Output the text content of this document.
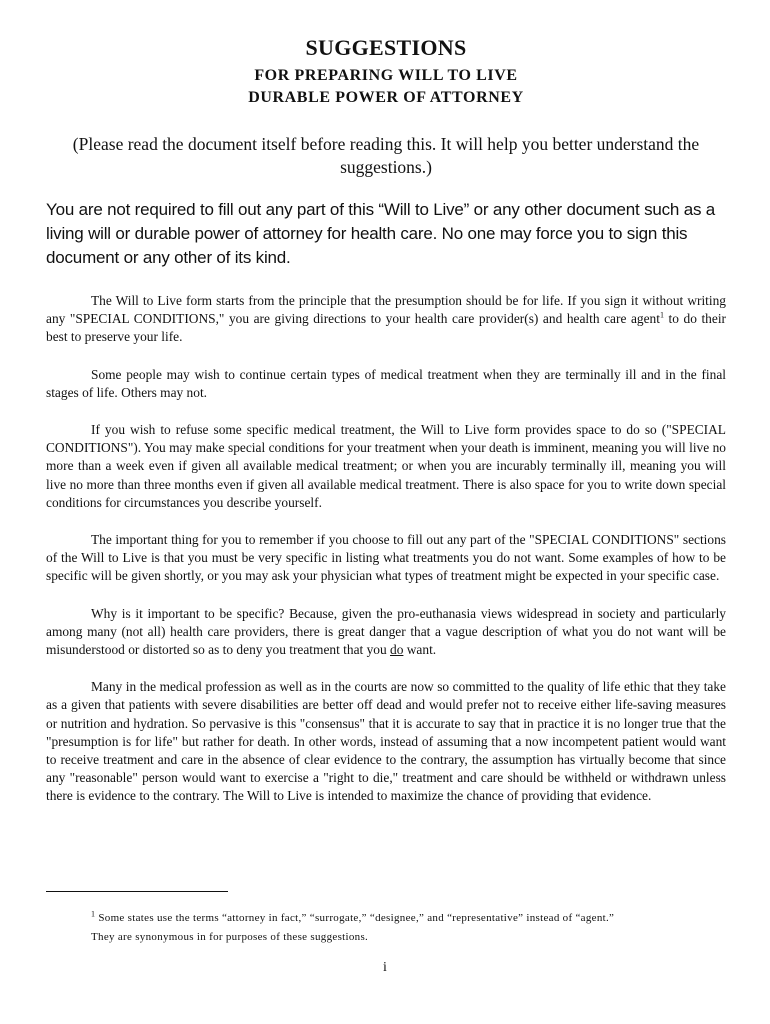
SUGGESTIONS
FOR PREPARING WILL TO LIVE
DURABLE POWER OF ATTORNEY

(Please read the document itself before reading this. It will help you better understand the suggestions.)

You are not required to fill out any part of this “Will to Live” or any other document such as a living will or durable power of attorney for health care. No one may force you to sign this document or any other of its kind.

The Will to Live form starts from the principle that the presumption should be for life. If you sign it without writing any "SPECIAL CONDITIONS," you are giving directions to your health care provider(s) and health care agent$^1$ to do their best to preserve your life.

Some people may wish to continue certain types of medical treatment when they are terminally ill and in the final stages of life. Others may not.

If you wish to refuse some specific medical treatment, the Will to Live form provides space to do so ("SPECIAL CONDITIONS"). You may make special conditions for your treatment when your death is imminent, meaning you will live no more than a week even if given all available medical treatment; or when you are incurably terminally ill, meaning you will live no more than three months even if given all available medical treatment. There is also space for you to write down special conditions for circumstances you describe yourself.

The important thing for you to remember if you choose to fill out any part of the "SPECIAL CONDITIONS" sections of the Will to Live is that you must be very specific in listing what treatments you do not want. Some examples of how to be specific will be given shortly, or you may ask your physician what types of treatment might be expected in your specific case.

Why is it important to be specific? Because, given the pro-euthanasia views widespread in society and particularly among many (not all) health care providers, there is great danger that a vague description of what you do not want will be misunderstood or distorted so as to deny you treatment that you do want.

Many in the medical profession as well as in the courts are now so committed to the quality of life ethic that they take as a given that patients with severe disabilities are better off dead and would prefer not to receive either life-saving measures or nutrition and hydration. So pervasive is this "consensus" that it is accurate to say that in practice it is no longer true that the "presumption is for life" but rather for death. In other words, instead of assuming that a now incompetent patient would want to receive treatment and care in the absence of clear evidence to the contrary, the assumption has virtually become that since any "reasonable" person would want to exercise a "right to die," treatment and care should be withheld or withdrawn unless there is evidence to the contrary. The Will to Live is intended to maximize the chance of providing that evidence.

$^1$ Some states use the terms “attorney in fact,” “surrogate,” “designee,” and “representative” instead of “agent.”
They are synonymous in for purposes of these suggestions.
i
